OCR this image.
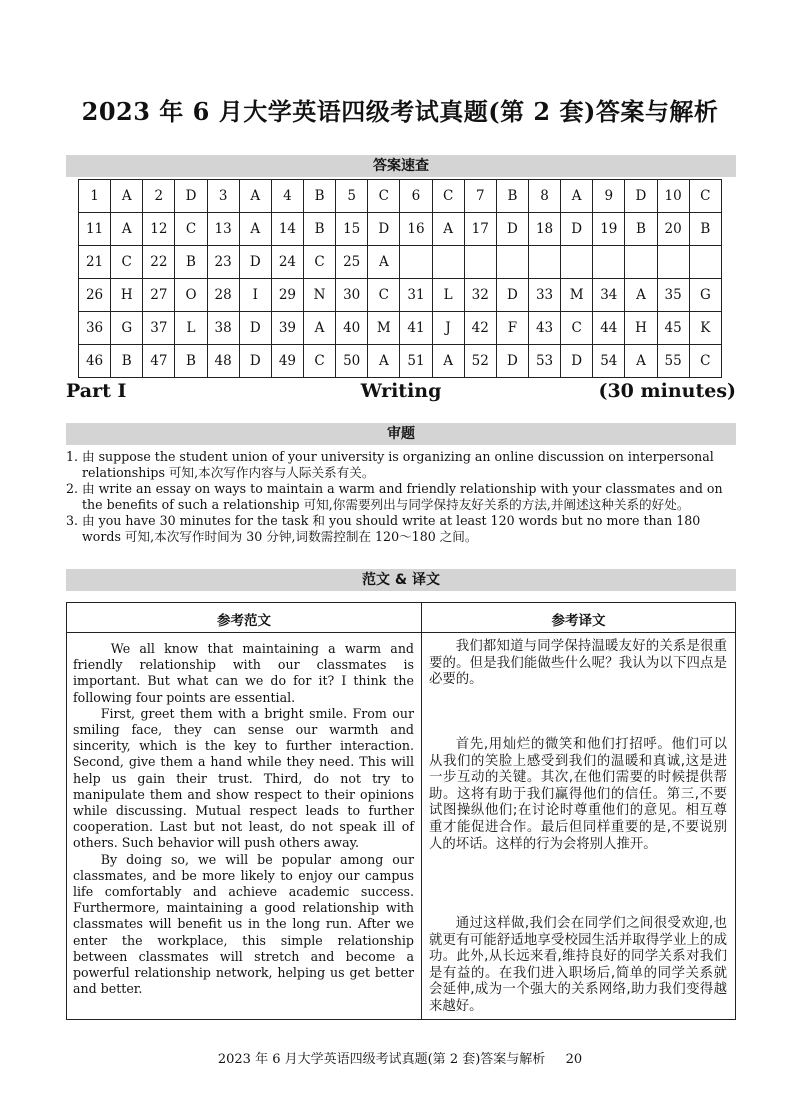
2023 年 6 月大学英语四级考试真题(第 2 套)答案与解析
答案速查
1	A	2	D	3	A	4	B	5	C	6	C	7	B	8	A	9	D	10	C
11	A	12	C	13	A	14	B	15	D	16	A	17	D	18	D	19	B	20	B
21	C	22	B	23	D	24	C	25	A										
26	H	27	O	28	I	29	N	30	C	31	L	32	D	33	M	34	A	35	G
36	G	37	L	38	D	39	A	40	M	41	J	42	F	43	C	44	H	45	K
46	B	47	B	48	D	49	C	50	A	51	A	52	D	53	D	54	A	55	C
Writing
Part Ⅰ	(30 minutes)
审题
1. 由 suppose the student union of your university is organizing an online discussion on interpersonal relationships 可知,本次写作内容与人际关系有关。
2. 由 write an essay on ways to maintain a warm and friendly relationship with your classmates and on the benefits of such a relationship 可知,你需要列出与同学保持友好关系的方法,并阐述这种关系的好处。
3. 由 you have 30 minutes for the task 和 you should write at least 120 words but no more than 180 words 可知,本次写作时间为 30 分钟,词数需控制在 120～180 之间。
范文 & 译文
参考范文	参考译文

We all know that maintaining a warm and friendly relationship with our classmates is important. But what can we do for it? I think the following four points are essential.

First, greet them with a bright smile. From our smiling face, they can sense our warmth and sincerity, which is the key to further interaction. Second, give them a hand while they need. This will help us gain their trust. Third, do not try to manipulate them and show respect to their opinions while discussing. Mutual respect leads to further cooperation. Last but not least, do not speak ill of others. Such behavior will push others away.

By doing so, we will be popular among our classmates, and be more likely to enjoy our campus life comfortably and achieve academic success. Furthermore, maintaining a good relationship with classmates will benefit us in the long run. After we enter the workplace, this simple relationship between classmates will stretch and become a powerful relationship network, helping us get better and better.

我们都知道与同学保持温暖友好的关系是很重要的。但是我们能做些什么呢？我认为以下四点是必要的。

首先,用灿烂的微笑和他们打招呼。他们可以从我们的笑脸上感受到我们的温暖和真诚,这是进一步互动的关键。其次,在他们需要的时候提供帮助。这将有助于我们赢得他们的信任。第三,不要试图操纵他们;在讨论时尊重他们的意见。相互尊重才能促进合作。最后但同样重要的是,不要说别人的坏话。这样的行为会将别人推开。

通过这样做,我们会在同学们之间很受欢迎,也就更有可能舒适地享受校园生活并取得学业上的成功。此外,从长远来看,维持良好的同学关系对我们是有益的。在我们进入职场后,简单的同学关系就会延伸,成为一个强大的关系网络,助力我们变得越来越好。

2023 年 6 月大学英语四级考试真题(第 2 套)答案与解析 20
